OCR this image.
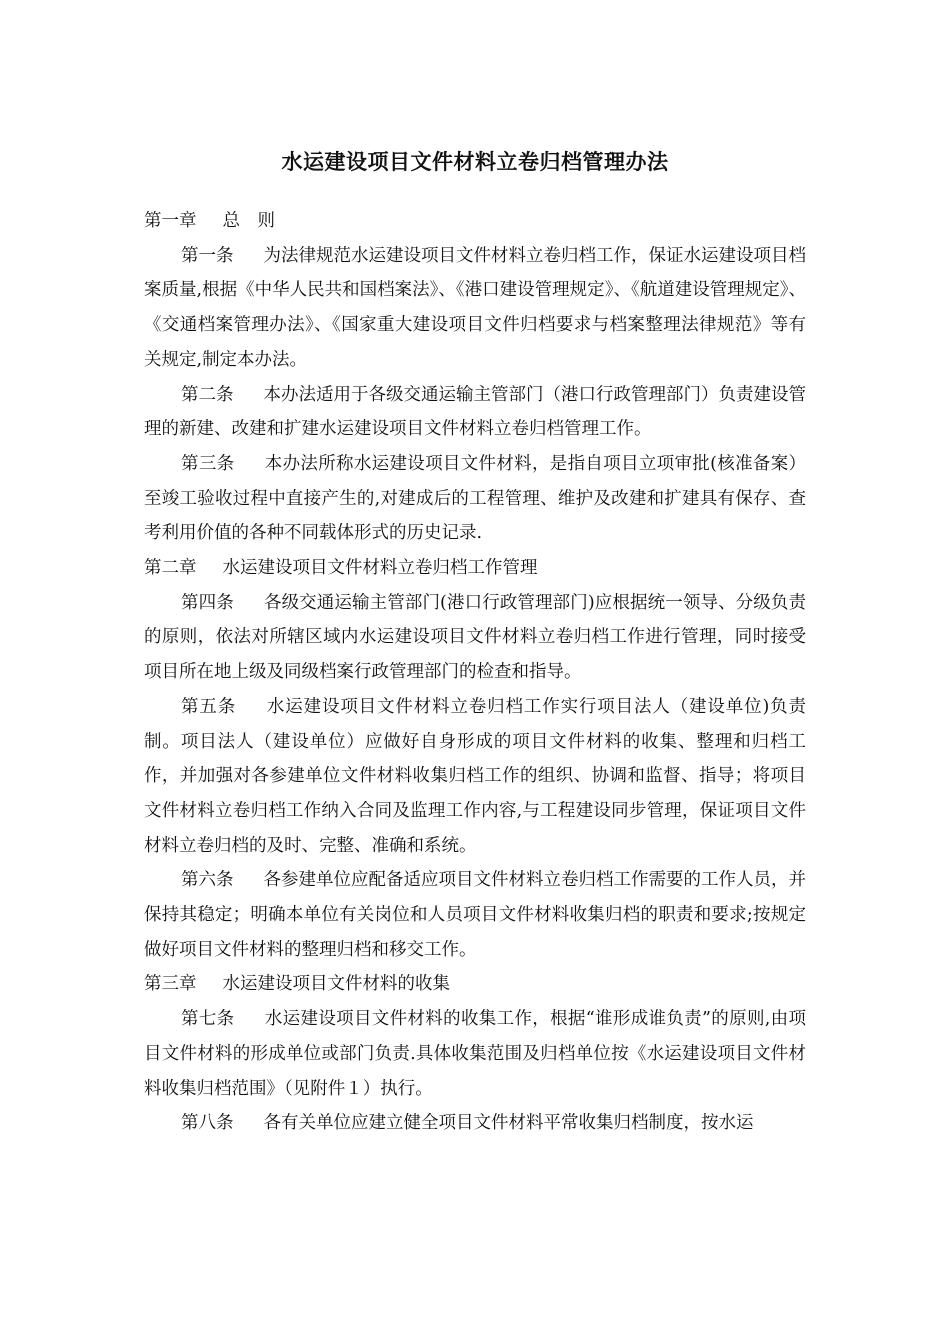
水运建设项目文件材料立卷归档管理办法

第一章 总　则

第一条 为法律规范水运建设项目文件材料立卷归档工作，保证水运建设项目档案质量,根据《中华人民共和国档案法》、《港口建设管理规定》、《航道建设管理规定》、《交通档案管理办法》、《国家重大建设项目文件归档要求与档案整理法律规范》等有关规定,制定本办法。

第二条 本办法适用于各级交通运输主管部门（港口行政管理部门）负责建设管理的新建、改建和扩建水运建设项目文件材料立卷归档管理工作。

第三条 本办法所称水运建设项目文件材料，是指自项目立项审批(核准备案）至竣工验收过程中直接产生的,对建成后的工程管理、维护及改建和扩建具有保存、查考利用价值的各种不同载体形式的历史记录.

第二章 水运建设项目文件材料立卷归档工作管理

第四条 各级交通运输主管部门(港口行政管理部门)应根据统一领导、分级负责的原则，依法对所辖区域内水运建设项目文件材料立卷归档工作进行管理，同时接受项目所在地上级及同级档案行政管理部门的检查和指导。

第五条 水运建设项目文件材料立卷归档工作实行项目法人（建设单位)负责制。项目法人（建设单位）应做好自身形成的项目文件材料的收集、整理和归档工作，并加强对各参建单位文件材料收集归档工作的组织、协调和监督、指导；将项目文件材料立卷归档工作纳入合同及监理工作内容,与工程建设同步管理，保证项目文件材料立卷归档的及时、完整、准确和系统。

第六条 各参建单位应配备适应项目文件材料立卷归档工作需要的工作人员，并保持其稳定；明确本单位有关岗位和人员项目文件材料收集归档的职责和要求;按规定做好项目文件材料的整理归档和移交工作。

第三章 水运建设项目文件材料的收集

第七条 水运建设项目文件材料的收集工作，根据“谁形成谁负责”的原则,由项目文件材料的形成单位或部门负责.具体收集范围及归档单位按《水运建设项目文件材料收集归档范围》（见附件１）执行。

第八条 各有关单位应建立健全项目文件材料平常收集归档制度，按水运
